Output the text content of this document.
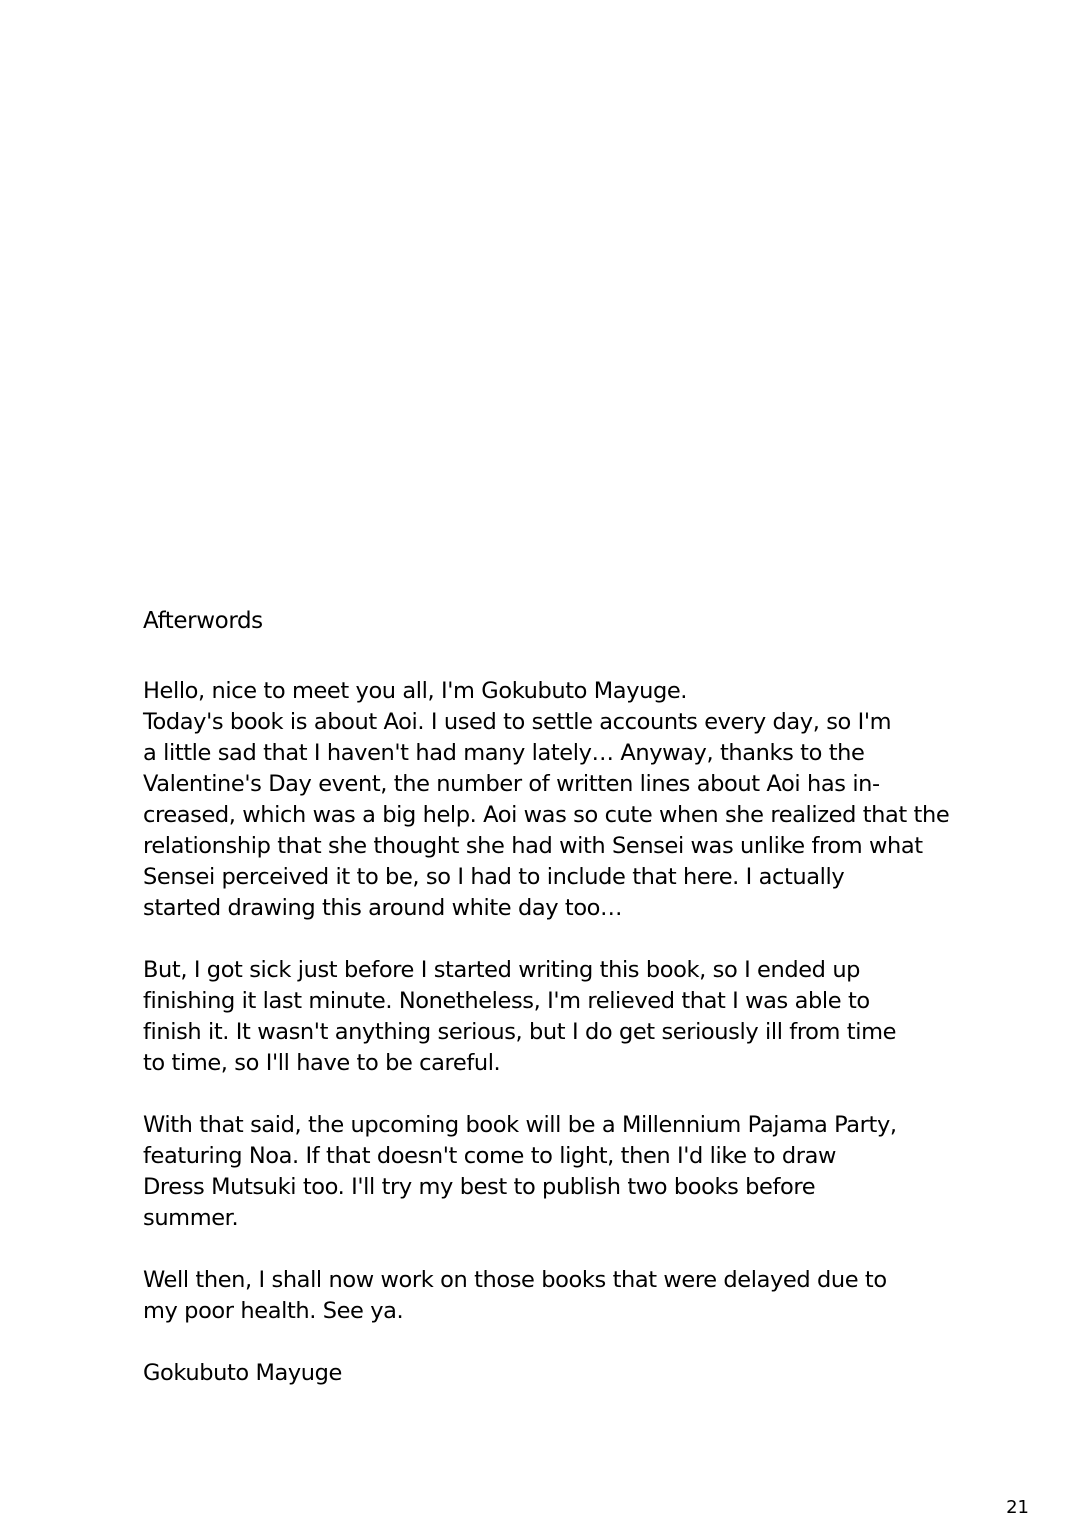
Afterwords
Hello, nice to meet you all, I'm Gokubuto Mayuge.
Today's book is about Aoi. I used to settle accounts every day, so I'm
a little sad that I haven't had many lately… Anyway, thanks to the
Valentine's Day event, the number of written lines about Aoi has in-
creased, which was a big help. Aoi was so cute when she realized that the
relationship that she thought she had with Sensei was unlike from what
Sensei perceived it to be, so I had to include that here. I actually
started drawing this around white day too…
But, I got sick just before I started writing this book, so I ended up
finishing it last minute. Nonetheless, I'm relieved that I was able to
finish it. It wasn't anything serious, but I do get seriously ill from time
to time, so I'll have to be careful.
With that said, the upcoming book will be a Millennium Pajama Party,
featuring Noa. If that doesn't come to light, then I'd like to draw
Dress Mutsuki too. I'll try my best to publish two books before
summer.
Well then, I shall now work on those books that were delayed due to
my poor health. See ya.
Gokubuto Mayuge
21
